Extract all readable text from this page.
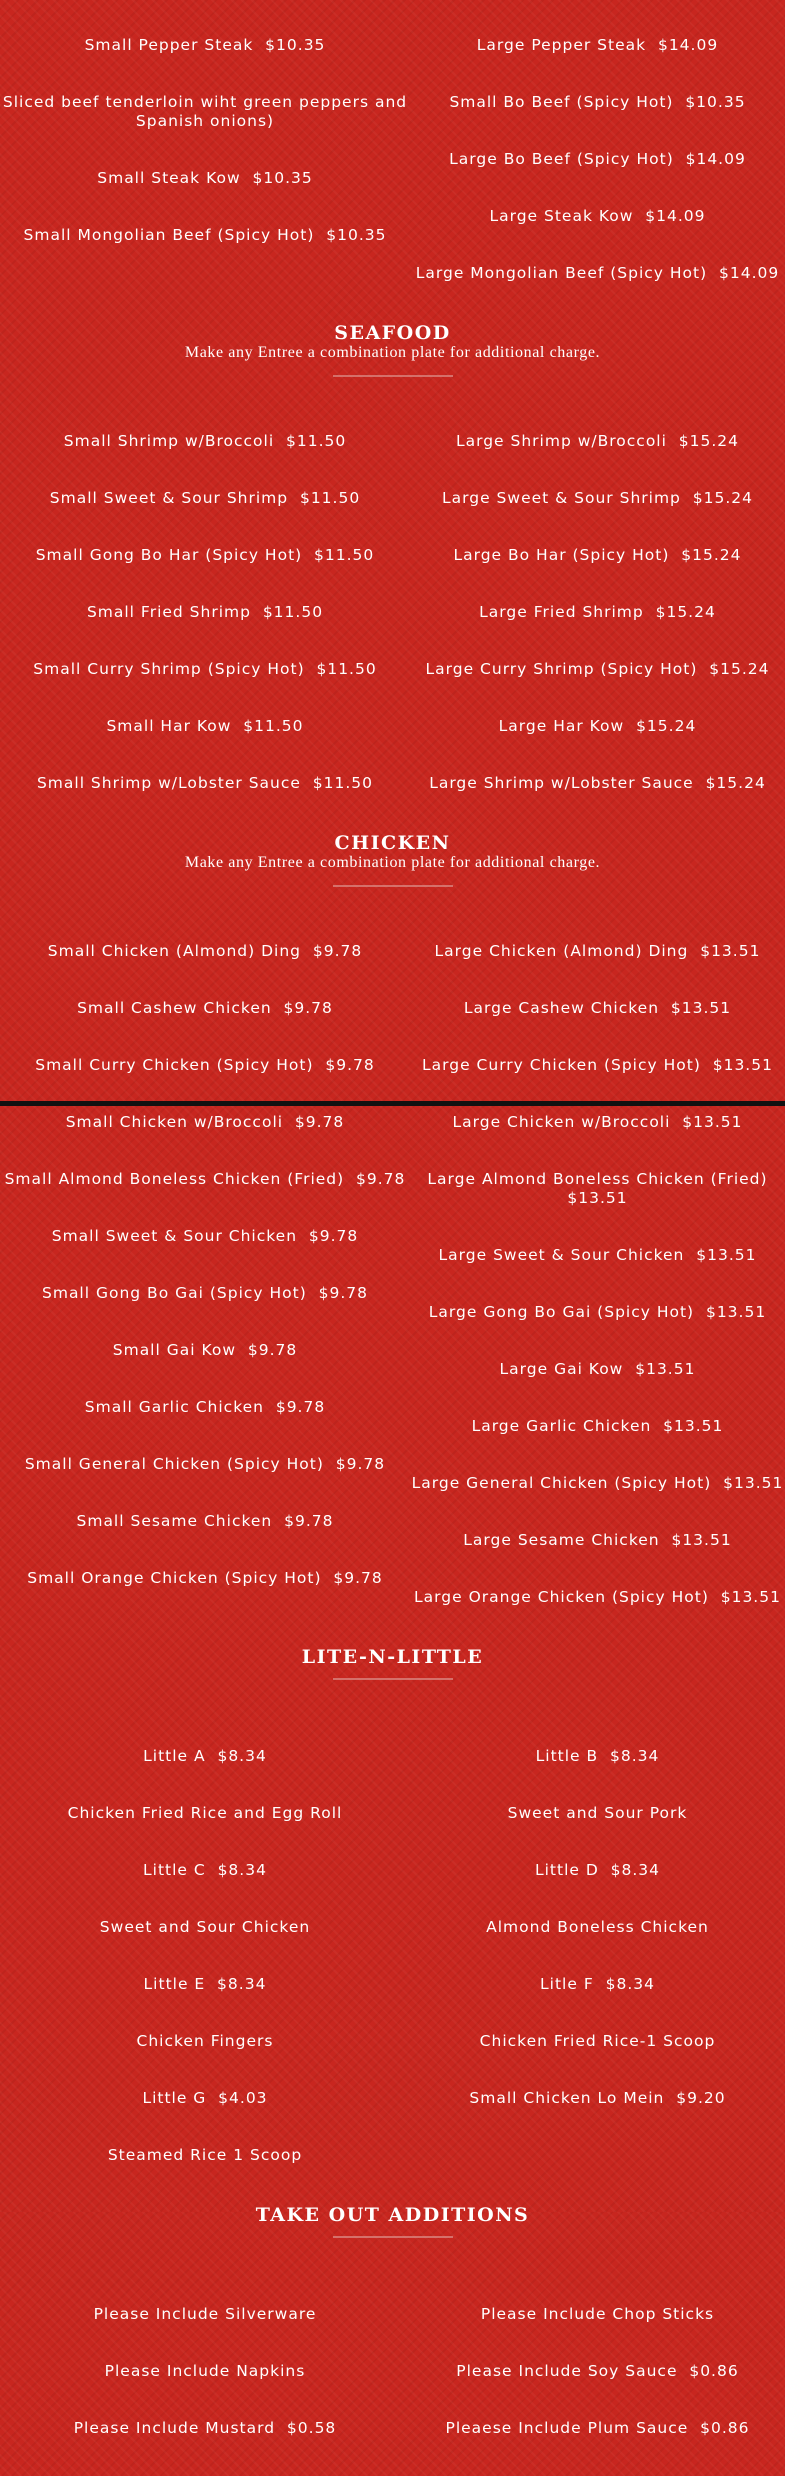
Small Pepper Steak  $10.35

Sliced beef tenderloin wiht green peppers and Spanish onions)

Small Steak Kow  $10.35

Small Mongolian Beef (Spicy Hot)  $10.35

Large Pepper Steak  $14.09

Small Bo Beef (Spicy Hot)  $10.35

Large Bo Beef (Spicy Hot)  $14.09

Large Steak Kow  $14.09

Large Mongolian Beef (Spicy Hot)  $14.09

SEAFOOD
Make any Entree a combination plate for additional charge.

Small Shrimp w/Broccoli  $11.50

Small Sweet & Sour Shrimp  $11.50

Small Gong Bo Har (Spicy Hot)  $11.50

Small Fried Shrimp  $11.50

Small Curry Shrimp (Spicy Hot)  $11.50

Small Har Kow  $11.50

Small Shrimp w/Lobster Sauce  $11.50

Large Shrimp w/Broccoli  $15.24

Large Sweet & Sour Shrimp  $15.24

Large Bo Har (Spicy Hot)  $15.24

Large Fried Shrimp  $15.24

Large Curry Shrimp (Spicy Hot)  $15.24

Large Har Kow  $15.24

Large Shrimp w/Lobster Sauce  $15.24

CHICKEN
Make any Entree a combination plate for additional charge.

Small Chicken (Almond) Ding  $9.78

Small Cashew Chicken  $9.78

Small Curry Chicken (Spicy Hot)  $9.78

Small Chicken w/Broccoli  $9.78

Small Almond Boneless Chicken (Fried)  $9.78

Small Sweet & Sour Chicken  $9.78

Small Gong Bo Gai (Spicy Hot)  $9.78

Small Gai Kow  $9.78

Small Garlic Chicken  $9.78

Small General Chicken (Spicy Hot)  $9.78

Small Sesame Chicken  $9.78

Small Orange Chicken (Spicy Hot)  $9.78

Large Chicken (Almond) Ding  $13.51

Large Cashew Chicken  $13.51

Large Curry Chicken (Spicy Hot)  $13.51

Large Chicken w/Broccoli  $13.51

Large Almond Boneless Chicken (Fried)  $13.51

Large Sweet & Sour Chicken  $13.51

Large Gong Bo Gai (Spicy Hot)  $13.51

Large Gai Kow  $13.51

Large Garlic Chicken  $13.51

Large General Chicken (Spicy Hot)  $13.51

Large Sesame Chicken  $13.51

Large Orange Chicken (Spicy Hot)  $13.51

LITE-N-LITTLE

Little A  $8.34

Chicken Fried Rice and Egg Roll

Little C  $8.34

Sweet and Sour Chicken

Little E  $8.34

Chicken Fingers

Little G  $4.03

Steamed Rice 1 Scoop

Little B  $8.34

Sweet and Sour Pork

Little D  $8.34

Almond Boneless Chicken

Litle F  $8.34

Chicken Fried Rice-1 Scoop

Small Chicken Lo Mein  $9.20

TAKE OUT ADDITIONS

Please Include Silverware

Please Include Napkins

Please Include Mustard  $0.58

Please Include Chop Sticks

Please Include Soy Sauce  $0.86

Pleaese Include Plum Sauce  $0.86
